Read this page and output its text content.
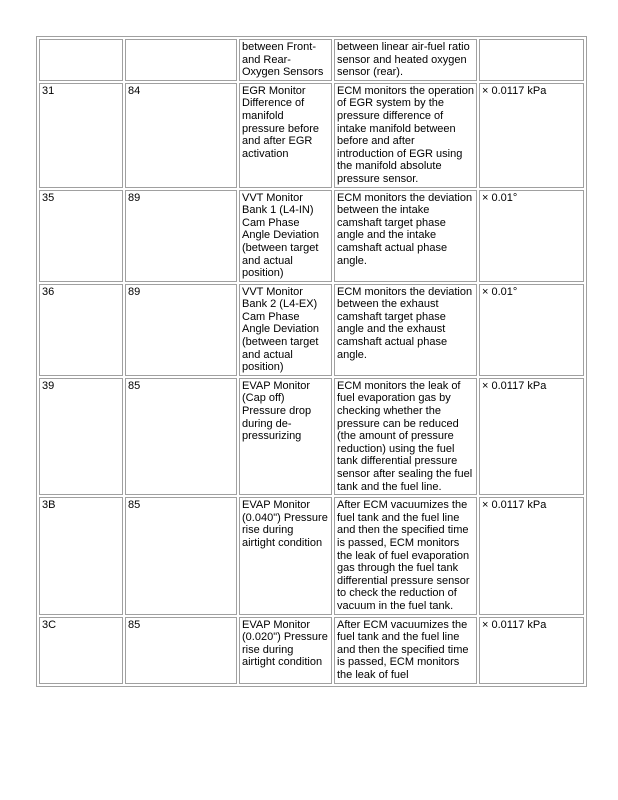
		between Front- and Rear- Oxygen Sensors	between linear air-fuel ratio sensor and heated oxygen sensor (rear).	
31	84	EGR Monitor Difference of manifold pressure before and after EGR activation	ECM monitors the operation of EGR system by the pressure difference of intake manifold between before and after introduction of EGR using the manifold absolute pressure sensor.	× 0.0117 kPa
35	89	VVT Monitor Bank 1 (L4-IN) Cam Phase Angle Deviation (between target and actual position)	ECM monitors the deviation between the intake camshaft target phase angle and the intake camshaft actual phase angle.	× 0.01°
36	89	VVT Monitor Bank 2 (L4-EX) Cam Phase Angle Deviation (between target and actual position)	ECM monitors the deviation between the exhaust camshaft target phase angle and the exhaust camshaft actual phase angle.	× 0.01°
39	85	EVAP Monitor (Cap off) Pressure drop during de-pressurizing	ECM monitors the leak of fuel evaporation gas by checking whether the pressure can be reduced (the amount of pressure reduction) using the fuel tank differential pressure sensor after sealing the fuel tank and the fuel line.	× 0.0117 kPa
3B	85	EVAP Monitor (0.040") Pressure rise during airtight condition	After ECM vacuumizes the fuel tank and the fuel line and then the specified time is passed, ECM monitors the leak of fuel evaporation gas through the fuel tank differential pressure sensor to check the reduction of vacuum in the fuel tank.	× 0.0117 kPa
3C	85	EVAP Monitor (0.020") Pressure rise during airtight condition	After ECM vacuumizes the fuel tank and the fuel line and then the specified time is passed, ECM monitors the leak of fuel	× 0.0117 kPa
